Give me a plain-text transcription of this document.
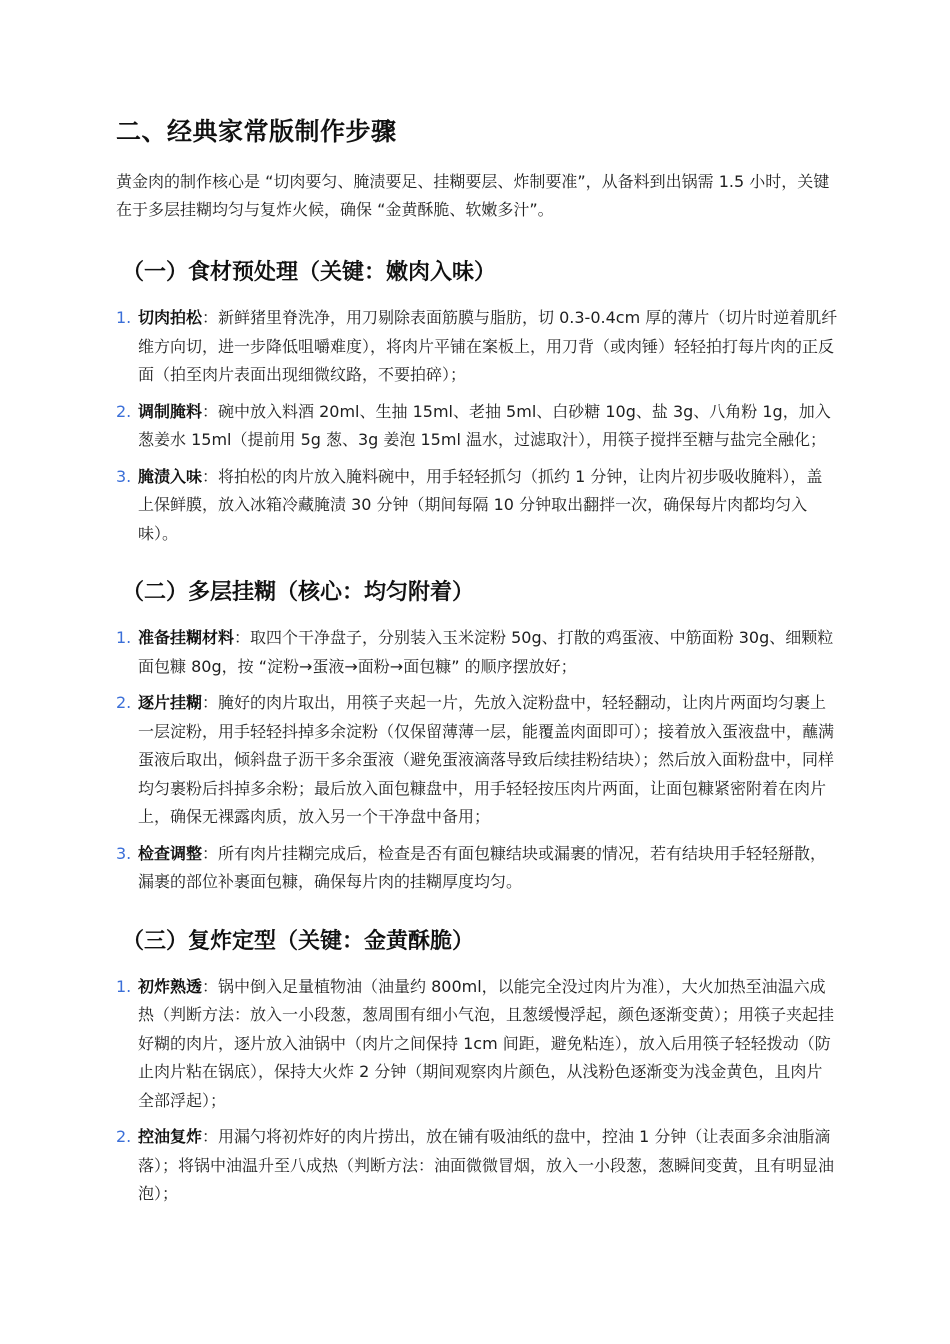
二、经典家常版制作步骤

黄金肉的制作核心是 “切肉要匀、腌渍要足、挂糊要层、炸制要准”，从备料到出锅需 1.5 小时，关键在于多层挂糊均匀与复炸火候，确保 “金黄酥脆、软嫩多汁”。

（一）食材预处理（关键：嫩肉入味）
1. 切肉拍松：新鲜猪里脊洗净，用刀剔除表面筋膜与脂肪，切 0.3-0.4cm 厚的薄片（切片时逆着肌纤维方向切，进一步降低咀嚼难度），将肉片平铺在案板上，用刀背（或肉锤）轻轻拍打每片肉的正反面（拍至肉片表面出现细微纹路，不要拍碎）；
2. 调制腌料：碗中放入料酒 20ml、生抽 15ml、老抽 5ml、白砂糖 10g、盐 3g、八角粉 1g，加入葱姜水 15ml（提前用 5g 葱、3g 姜泡 15ml 温水，过滤取汁），用筷子搅拌至糖与盐完全融化；
3. 腌渍入味：将拍松的肉片放入腌料碗中，用手轻轻抓匀（抓约 1 分钟，让肉片初步吸收腌料），盖上保鲜膜，放入冰箱冷藏腌渍 30 分钟（期间每隔 10 分钟取出翻拌一次，确保每片肉都均匀入味）。
（二）多层挂糊（核心：均匀附着）
1. 准备挂糊材料：取四个干净盘子，分别装入玉米淀粉 50g、打散的鸡蛋液、中筋面粉 30g、细颗粒面包糠 80g，按 “淀粉→蛋液→面粉→面包糠” 的顺序摆放好；
2. 逐片挂糊：腌好的肉片取出，用筷子夹起一片，先放入淀粉盘中，轻轻翻动，让肉片两面均匀裹上一层淀粉，用手轻轻抖掉多余淀粉（仅保留薄薄一层，能覆盖肉面即可）；接着放入蛋液盘中，蘸满蛋液后取出，倾斜盘子沥干多余蛋液（避免蛋液滴落导致后续挂粉结块）；然后放入面粉盘中，同样均匀裹粉后抖掉多余粉；最后放入面包糠盘中，用手轻轻按压肉片两面，让面包糠紧密附着在肉片上，确保无裸露肉质，放入另一个干净盘中备用；
3. 检查调整：所有肉片挂糊完成后，检查是否有面包糠结块或漏裹的情况，若有结块用手轻轻掰散，漏裹的部位补裹面包糠，确保每片肉的挂糊厚度均匀。
（三）复炸定型（关键：金黄酥脆）
1. 初炸熟透：锅中倒入足量植物油（油量约 800ml，以能完全没过肉片为准），大火加热至油温六成热（判断方法：放入一小段葱，葱周围有细小气泡，且葱缓慢浮起，颜色逐渐变黄）；用筷子夹起挂好糊的肉片，逐片放入油锅中（肉片之间保持 1cm 间距，避免粘连），放入后用筷子轻轻拨动（防止肉片粘在锅底），保持大火炸 2 分钟（期间观察肉片颜色，从浅粉色逐渐变为浅金黄色，且肉片全部浮起）；
2. 控油复炸：用漏勺将初炸好的肉片捞出，放在铺有吸油纸的盘中，控油 1 分钟（让表面多余油脂滴落）；将锅中油温升至八成热（判断方法：油面微微冒烟，放入一小段葱，葱瞬间变黄，且有明显油泡）；
